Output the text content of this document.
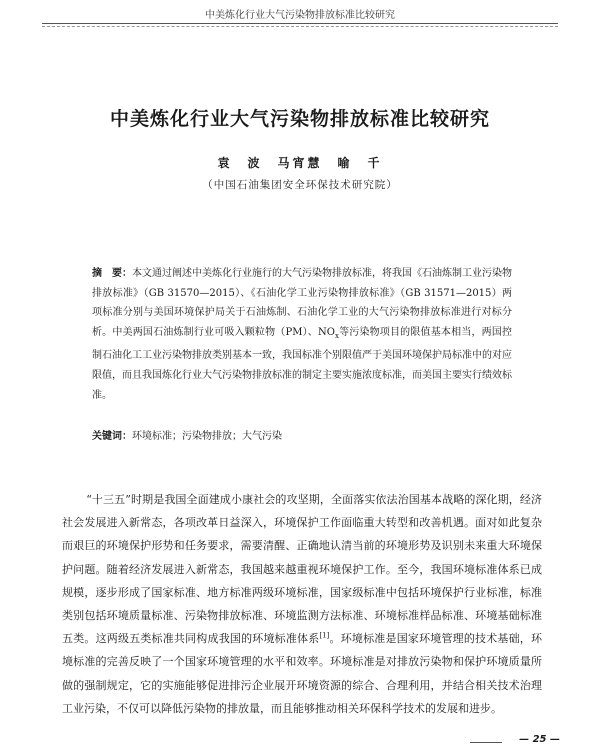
中美炼化行业大气污染物排放标准比较研究
中美炼化行业大气污染物排放标准比较研究
袁　波　马宵慧　喻　千
（中国石油集团安全环保技术研究院）
摘　要：本文通过阐述中美炼化行业施行的大气污染物排放标准，将我国《石油炼制工业污染物排放标准》（GB 31570—2015）、《石油化学工业污染物排放标准》（GB 31571—2015）两项标准分别与美国环境保护局关于石油炼制、石油化学工业的大气污染物排放标准进行对标分析。中美两国石油炼制行业可吸入颗粒物（PM）、$NO_x$等污染物项目的限值基本相当，两国控制石油化工工业污染物排放类别基本一致，我国标准个别限值严于美国环境保护局标准中的对应限值，而且我国炼化行业大气污染物排放标准的制定主要实施浓度标准，而美国主要实行绩效标准。
关键词：环境标准；污染物排放；大气污染

“十三五”时期是我国全面建成小康社会的攻坚期，全面落实依法治国基本战略的深化期，经济社会发展进入新常态，各项改革日益深入，环境保护工作面临重大转型和改善机遇。面对如此复杂而艰巨的环境保护形势和任务要求，需要清醒、正确地认清当前的环境形势及识别未来重大环境保护问题。随着经济发展进入新常态，我国越来越重视环境保护工作。至今，我国环境标准体系已成规模，逐步形成了国家标准、地方标准两级环境标准，国家级标准中包括环境保护行业标准，标准类别包括环境质量标准、污染物排放标准、环境监测方法标准、环境标准样品标准、环境基础标准五类。这两级五类标准共同构成我国的环境标准体系[1]。环境标准是国家环境管理的技术基础，环境标准的完善反映了一个国家环境管理的水平和效率。环境标准是对排放污染物和保护环境质量所做的强制规定，它的实施能够促进排污企业展开环境资源的综合、合理利用，并结合相关技术治理工业污染，不仅可以降低污染物的排放量，而且能够推动相关环保科学技术的发展和进步。

— 25 —
